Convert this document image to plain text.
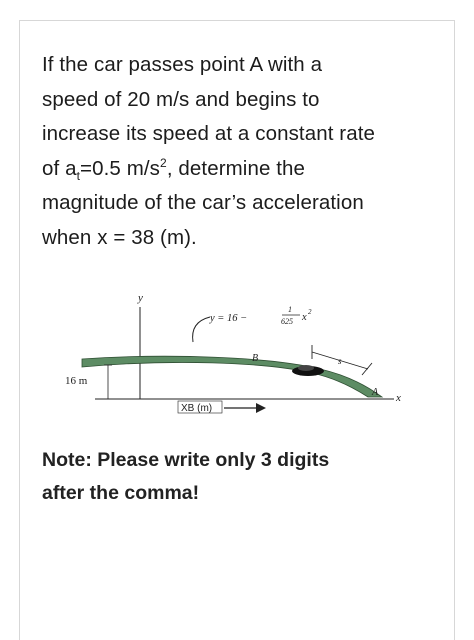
If the car passes point A with a
speed of 20 m/s and begins to
increase its speed at a constant rate
of $a_t=0.5$ $m/s^2$, determine the
magnitude of the car’s acceleration
when x = 38 (m).

y
x
16 m
y = 16 −
1
625 x 2
B	s
A
XB (m)

Note: Please write only 3 digits
after the comma!
